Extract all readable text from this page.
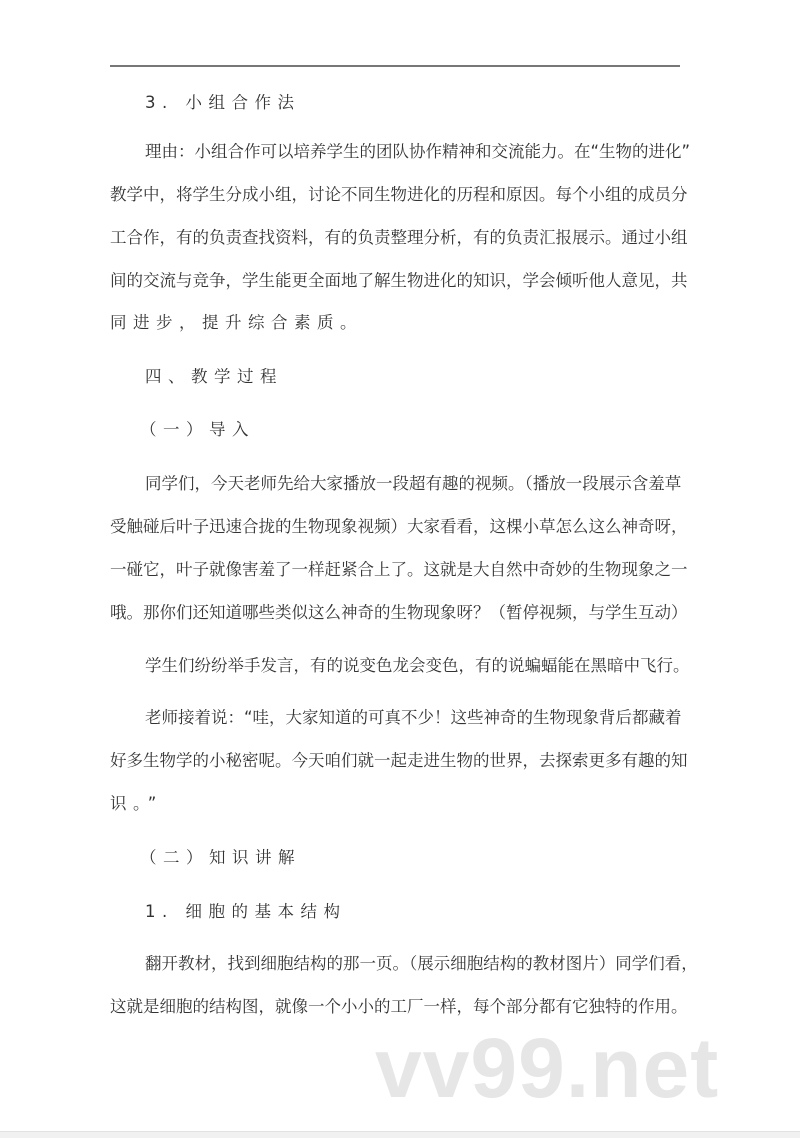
3. 小组合作法
理由：小组合作可以培养学生的团队协作精神和交流能力。在“生物的进化”
教学中，将学生分成小组，讨论不同生物进化的历程和原因。每个小组的成员分
工合作，有的负责查找资料，有的负责整理分析，有的负责汇报展示。通过小组
间的交流与竞争，学生能更全面地了解生物进化的知识，学会倾听他人意见，共
同进步，提升综合素质。
四、教学过程
（一）导入
同学们，今天老师先给大家播放一段超有趣的视频。（播放一段展示含羞草
受触碰后叶子迅速合拢的生物现象视频）大家看看，这棵小草怎么这么神奇呀，
一碰它，叶子就像害羞了一样赶紧合上了。这就是大自然中奇妙的生物现象之一
哦。那你们还知道哪些类似这么神奇的生物现象呀？（暂停视频，与学生互动）
学生们纷纷举手发言，有的说变色龙会变色，有的说蝙蝠能在黑暗中飞行。
老师接着说：“哇，大家知道的可真不少！这些神奇的生物现象背后都藏着
好多生物学的小秘密呢。今天咱们就一起走进生物的世界，去探索更多有趣的知
识。”
（二）知识讲解
1. 细胞的基本结构
翻开教材，找到细胞结构的那一页。（展示细胞结构的教材图片）同学们看，
这就是细胞的结构图，就像一个小小的工厂一样，每个部分都有它独特的作用。
vv99.net
